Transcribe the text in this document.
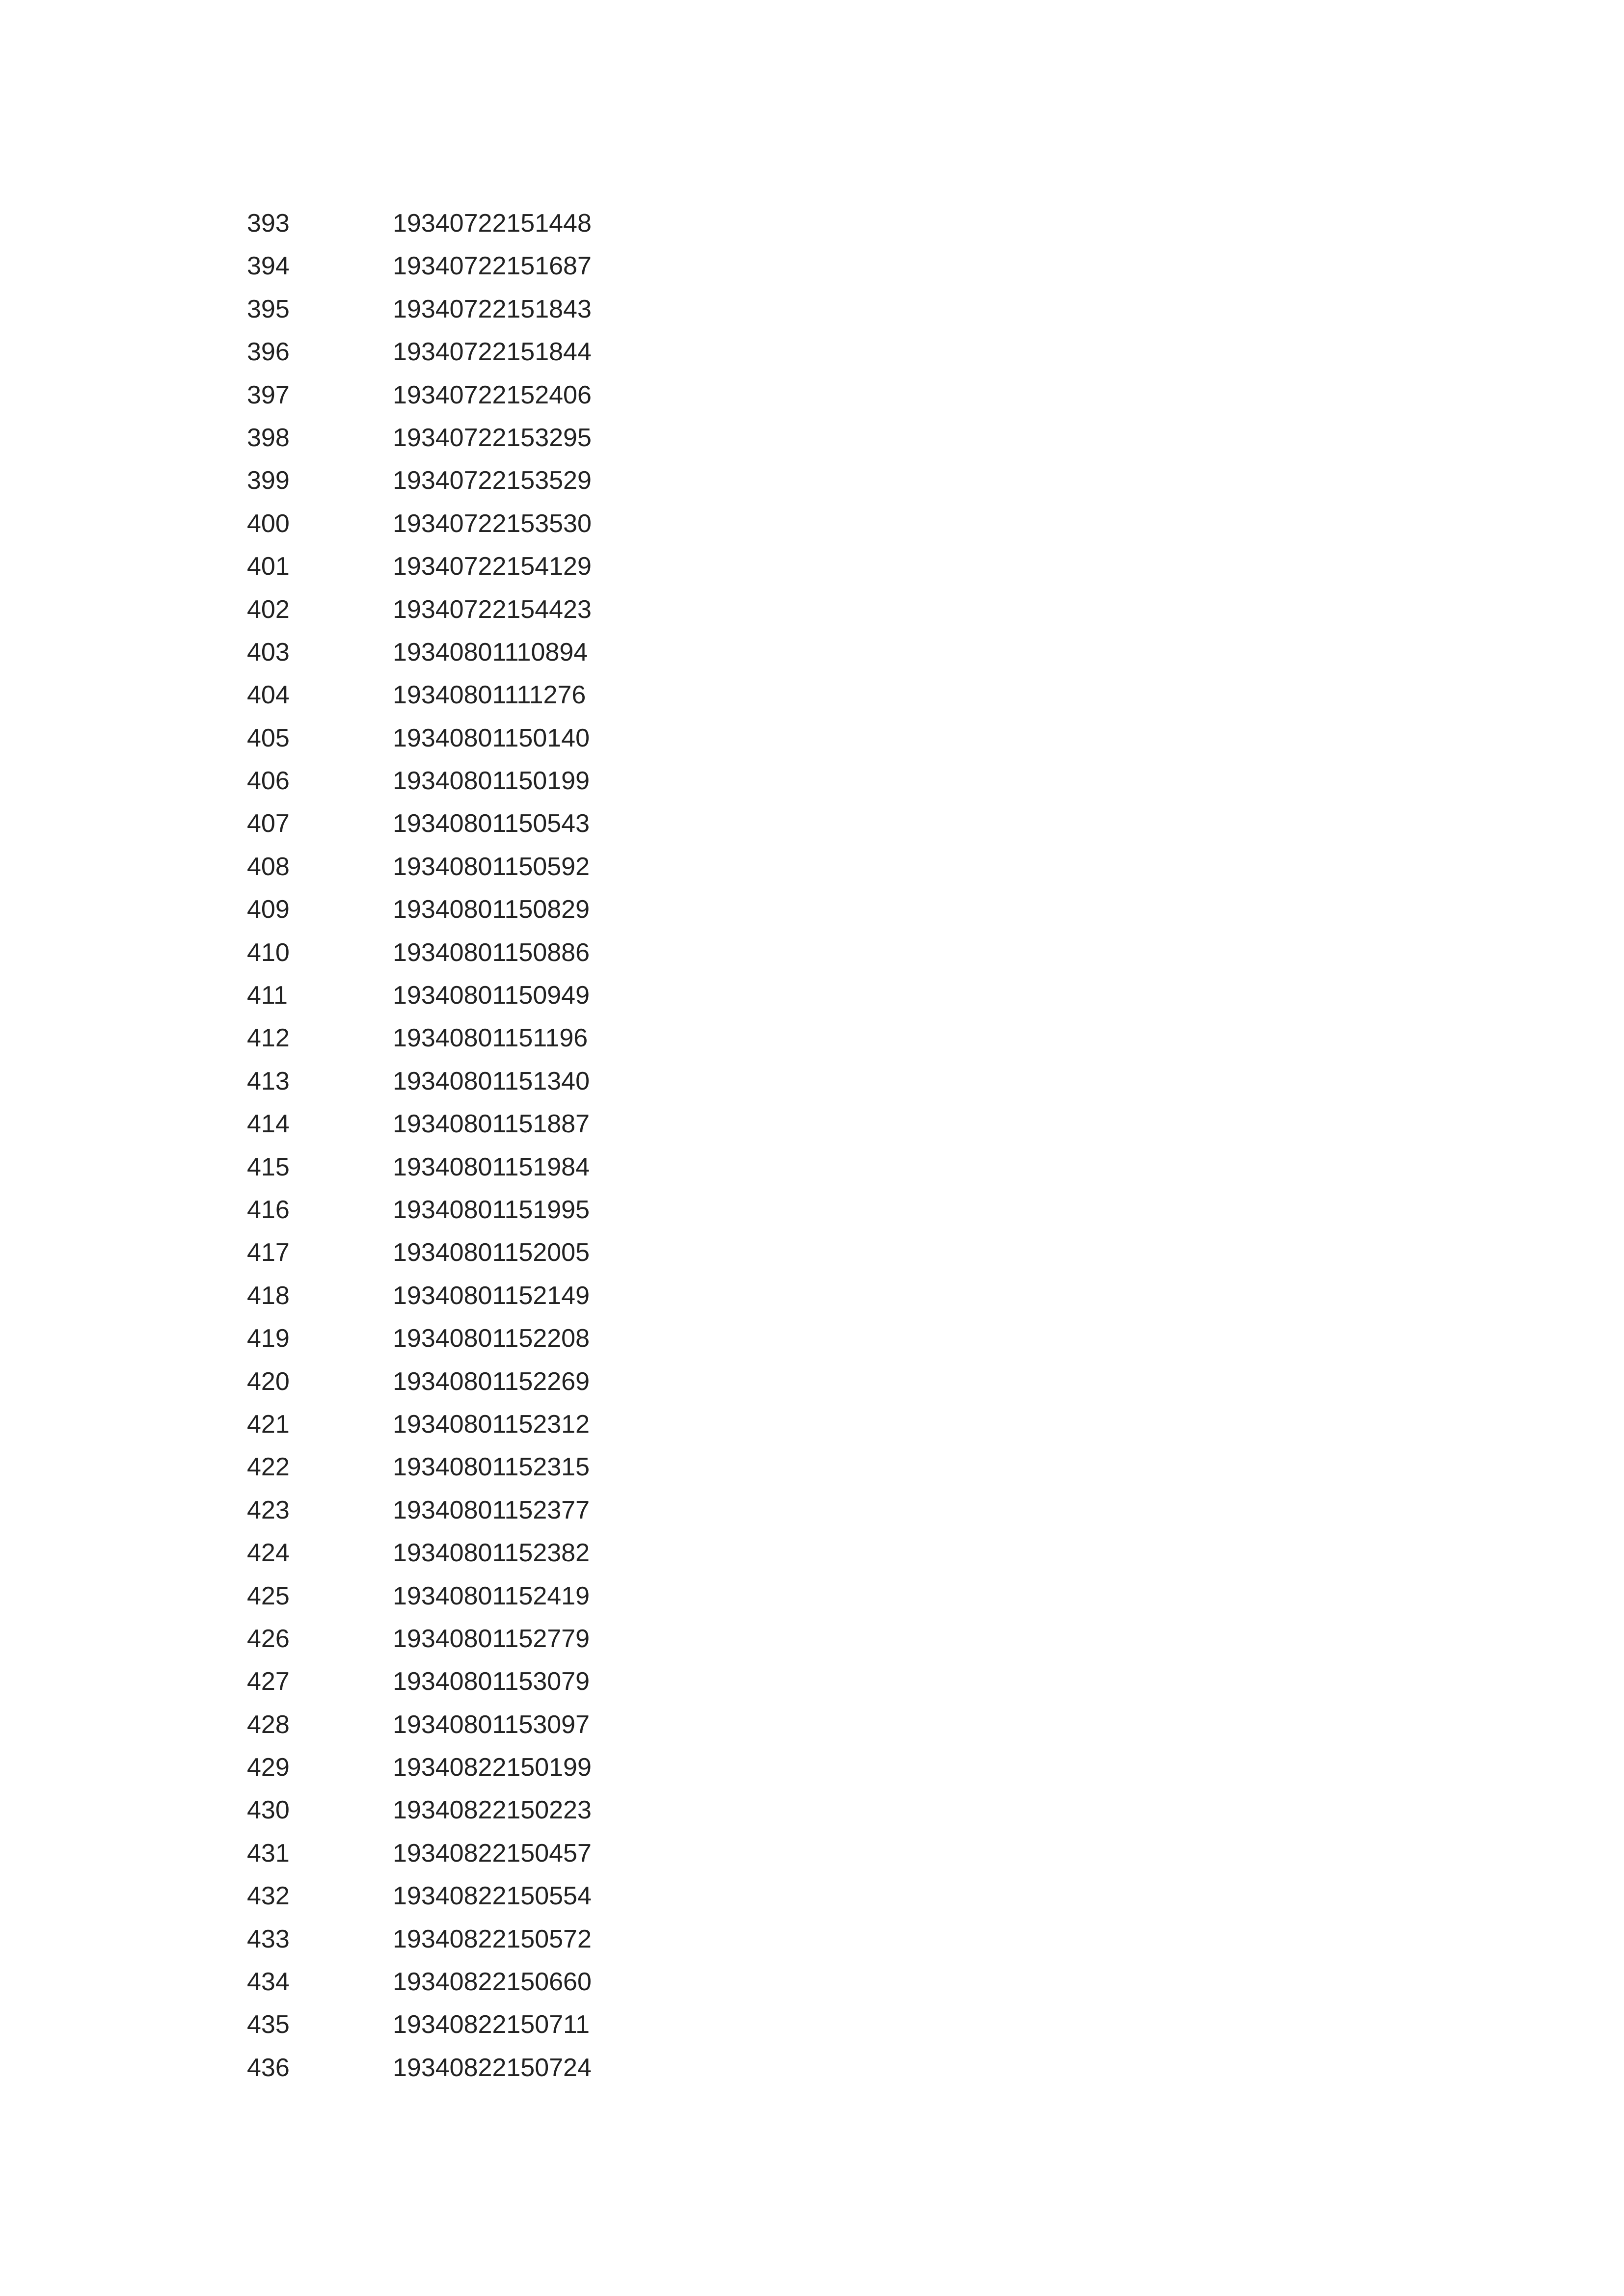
393	19340722151448
394	19340722151687
395	19340722151843
396	19340722151844
397	19340722152406
398	19340722153295
399	19340722153529
400	19340722153530
401	19340722154129
402	19340722154423
403	19340801110894
404	19340801111276
405	19340801150140
406	19340801150199
407	19340801150543
408	19340801150592
409	19340801150829
410	19340801150886
411	19340801150949
412	19340801151196
413	19340801151340
414	19340801151887
415	19340801151984
416	19340801151995
417	19340801152005
418	19340801152149
419	19340801152208
420	19340801152269
421	19340801152312
422	19340801152315
423	19340801152377
424	19340801152382
425	19340801152419
426	19340801152779
427	19340801153079
428	19340801153097
429	19340822150199
430	19340822150223
431	19340822150457
432	19340822150554
433	19340822150572
434	19340822150660
435	19340822150711
436	19340822150724
